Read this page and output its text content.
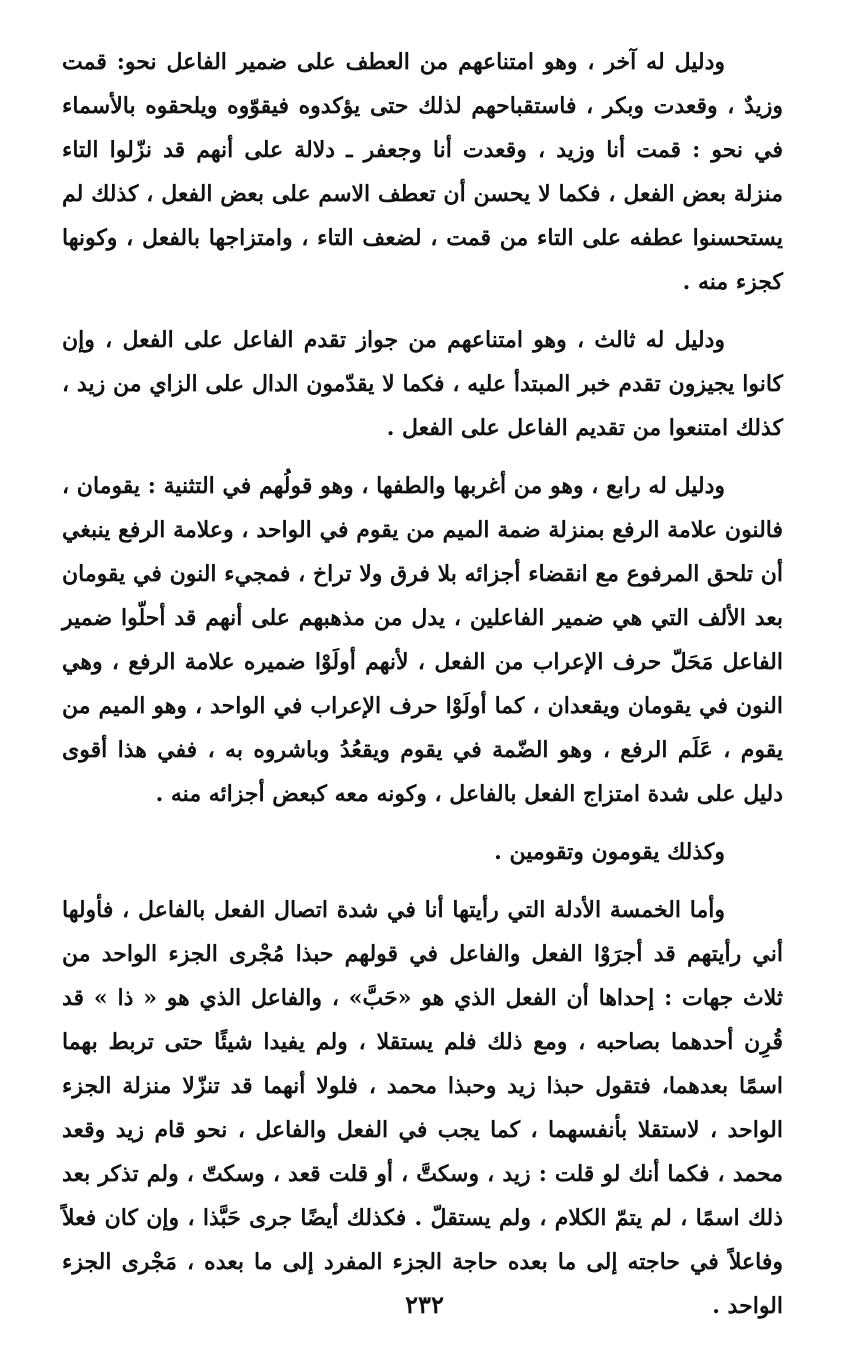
ودليل له آخر ، وهو امتناعهم من العطف على ضمير الفاعل نحو: قمت وزيدٌ ، وقعدت وبكر ، فاستقباحهم لذلك حتى يؤكدوه فيقوّوه ويلحقوه بالأسماء في نحو : قمت أنا وزيد ، وقعدت أنا وجعفر ـ دلالة على أنهم قد نزّلوا التاء منزلة بعض الفعل ، فكما لا يحسن أن تعطف الاسم على بعض الفعل ، كذلك لم يستحسنوا عطفه على التاء من قمت ، لضعف التاء ، وامتزاجها بالفعل ، وكونها كجزء منه .

ودليل له ثالث ، وهو امتناعهم من جواز تقدم الفاعل على الفعل ، وإن كانوا يجيزون تقدم خبر المبتدأ عليه ، فكما لا يقدّمون الدال على الزاي من زيد ، كذلك امتنعوا من تقديم الفاعل على الفعل .

ودليل له رابع ، وهو من أغربها والطفها ، وهو قولُهم في التثنية : يقومان ، فالنون علامة الرفع بمنزلة ضمة الميم من يقوم في الواحد ، وعلامة الرفع ينبغي أن تلحق المرفوع مع انقضاء أجزائه بلا فرق ولا تراخ ، فمجيء النون في يقومان بعد الألف التي هي ضمير الفاعلين ، يدل من مذهبهم على أنهم قد أحلّوا ضمير الفاعل مَحَلّ حرف الإعراب من الفعل ، لأنهم أولَوْا ضميره علامة الرفع ، وهي النون في يقومان ويقعدان ، كما أولَوْا حرف الإعراب في الواحد ، وهو الميم من يقوم ، عَلَم الرفع ، وهو الضّمة في يقوم ويقعُدُ وباشروه به ، ففي هذا أقوى دليل على شدة امتزاج الفعل بالفاعل ، وكونه معه كبعض أجزائه منه .

وكذلك يقومون وتقومين .

وأما الخمسة الأدلة التي رأيتها أنا في شدة اتصال الفعل بالفاعل ، فأولها أني رأيتهم قد أجرَوْا الفعل والفاعل في قولهم حبذا مُجْرى الجزء الواحد من ثلاث جهات : إحداها أن الفعل الذي هو «حَبَّ» ، والفاعل الذي هو « ذا » قد قُرِن أحدهما بصاحبه ، ومع ذلك فلم يستقلا ، ولم يفيدا شيئًا حتى تربط بهما اسمًا بعدهما، فتقول حبذا زيد وحبذا محمد ، فلولا أنهما قد تنزّلا منزلة الجزء الواحد ، لاستقلا بأنفسهما ، كما يجب في الفعل والفاعل ، نحو قام زيد وقعد محمد ، فكما أنك لو قلت : زيد ، وسكتَّ ، أو قلت قعد ، وسكتّ ، ولم تذكر بعد ذلك اسمًا ، لم يتمّ الكلام ، ولم يستقلّ . فكذلك أيضًا جرى حَبَّذا ، وإن كان فعلاً وفاعلاً في حاجته إلى ما بعده حاجة الجزء المفرد إلى ما بعده ، مَجْرى الجزء الواحد .

٢٣٢
